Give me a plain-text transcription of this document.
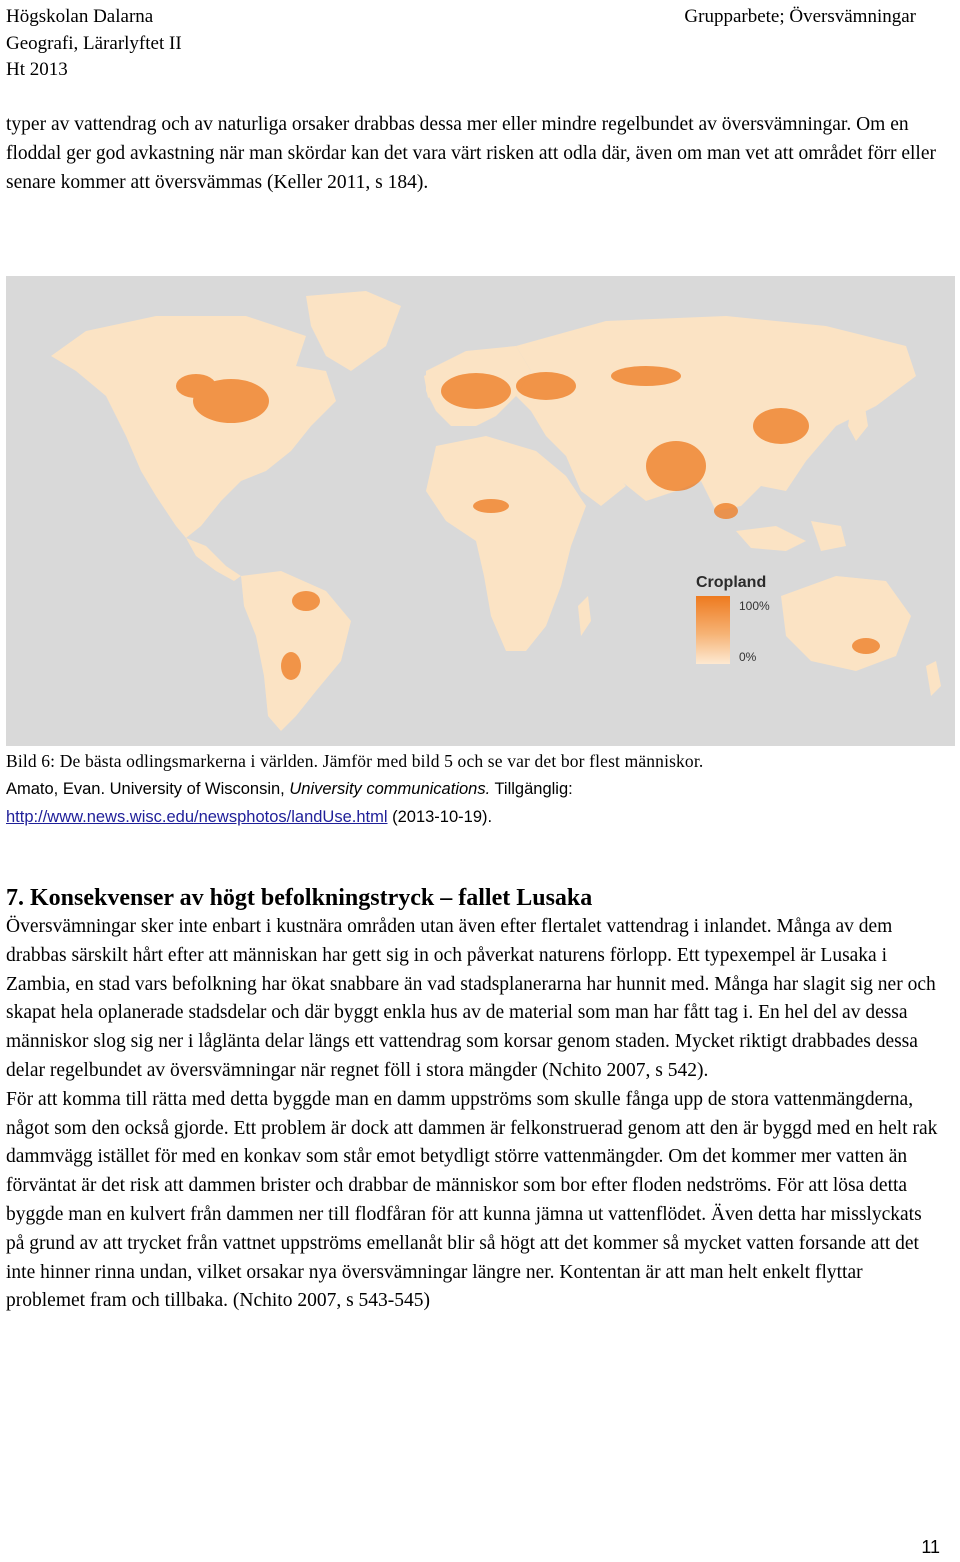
Högskolan Dalarna
Geografi, Lärarlyftet II
Ht 2013
Grupparbete; Översvämningar
typer av vattendrag och av naturliga orsaker drabbas dessa mer eller mindre regelbundet av översvämningar. Om en floddal ger god avkastning när man skördar kan det vara värt risken att odla där, även om man vet att området förr eller senare kommer att översvämmas (Keller 2011, s 184).
Cropland
100%
0%
Bild 6: De bästa odlingsmarkerna i världen. Jämför med bild 5 och se var det bor flest människor.
Amato, Evan. University of Wisconsin, University communications. Tillgänglig:
http://www.news.wisc.edu/newsphotos/landUse.html (2013-10-19).
7. Konsekvenser av högt befolkningstryck – fallet Lusaka
Översvämningar sker inte enbart i kustnära områden utan även efter flertalet vattendrag i inlandet. Många av dem drabbas särskilt hårt efter att människan har gett sig in och påverkat naturens förlopp. Ett typexempel är Lusaka i Zambia, en stad vars befolkning har ökat snabbare än vad stadsplanerarna har hunnit med. Många har slagit sig ner och skapat hela oplanerade stadsdelar och där byggt enkla hus av de material som man har fått tag i. En hel del av dessa människor slog sig ner i låglänta delar längs ett vattendrag som korsar genom staden. Mycket riktigt drabbades dessa delar regelbundet av översvämningar när regnet föll i stora mängder (Nchito 2007, s 542).
För att komma till rätta med detta byggde man en damm uppströms som skulle fånga upp de stora vattenmängderna, något som den också gjorde. Ett problem är dock att dammen är felkonstruerad genom att den är byggd med en helt rak dammvägg istället för med en konkav som står emot betydligt större vattenmängder. Om det kommer mer vatten än förväntat är det risk att dammen brister och drabbar de människor som bor efter floden nedströms. För att lösa detta byggde man en kulvert från dammen ner till flodfåran för att kunna jämna ut vattenflödet. Även detta har misslyckats på grund av att trycket från vattnet uppströms emellanåt blir så högt att det kommer så mycket vatten forsande att det inte hinner rinna undan, vilket orsakar nya översvämningar längre ner. Kontentan är att man helt enkelt flyttar problemet fram och tillbaka. (Nchito 2007, s 543-545)
11
